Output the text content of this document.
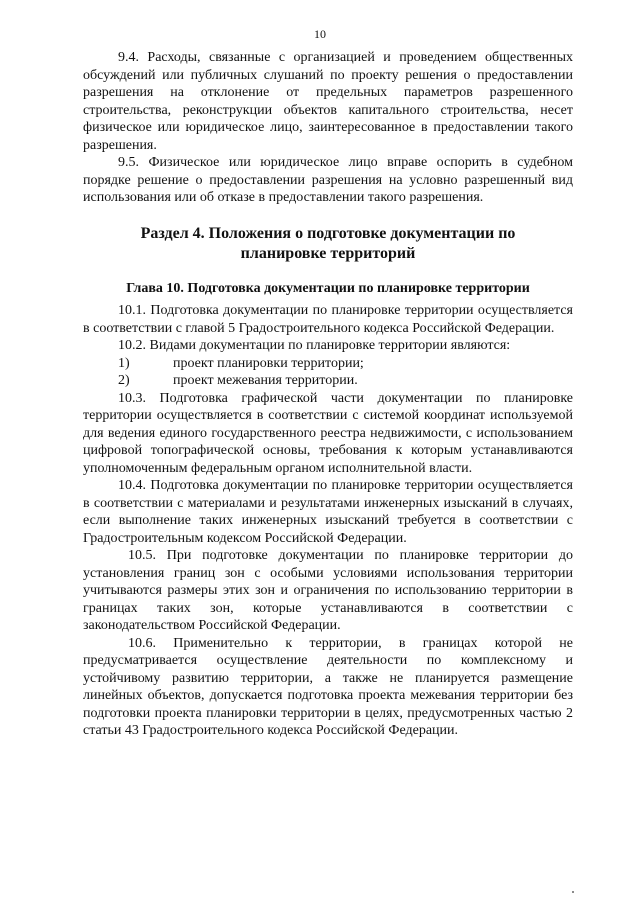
10

9.4. Расходы, связанные с организацией и проведением общественных обсуждений или публичных слушаний по проекту решения о предоставлении разрешения на отклонение от предельных параметров разрешенного строительства, реконструкции объектов капитального строительства, несет физическое или юридическое лицо, заинтересованное в предоставлении такого разрешения.

9.5. Физическое или юридическое лицо вправе оспорить в судебном порядке решение о предоставлении разрешения на условно разрешенный вид использования или об отказе в предоставлении такого разрешения.

Раздел 4. Положения о подготовке документации по планировке территорий
Глава 10. Подготовка документации по планировке территории

10.1. Подготовка документации по планировке территории осуществляется в соответствии с главой 5 Градостроительного кодекса Российской Федерации.

10.2. Видами документации по планировке территории являются:

1)	проект планировки территории;
2)	проект межевания территории.

10.3. Подготовка графической части документации по планировке территории осуществляется в соответствии с системой координат используемой для ведения единого государственного реестра недвижимости, с использованием цифровой топографической основы, требования к которым устанавливаются уполномоченным федеральным органом исполнительной власти.

10.4. Подготовка документации по планировке территории осуществляется в соответствии с материалами и результатами инженерных изысканий в случаях, если выполнение таких инженерных изысканий требуется в соответствии с Градостроительным кодексом Российской Федерации.

10.5. При подготовке документации по планировке территории до установления границ зон с особыми условиями использования территории учитываются размеры этих зон и ограничения по использованию территории в границах таких зон, которые устанавливаются в соответствии с законодательством Российской Федерации.

10.6. Применительно к территории, в границах которой не предусматривается осуществление деятельности по комплексному и устойчивому развитию территории, а также не планируется размещение линейных объектов, допускается подготовка проекта межевания территории без подготовки проекта планировки территории в целях, предусмотренных частью 2 статьи 43 Градостроительного кодекса Российской Федерации.
